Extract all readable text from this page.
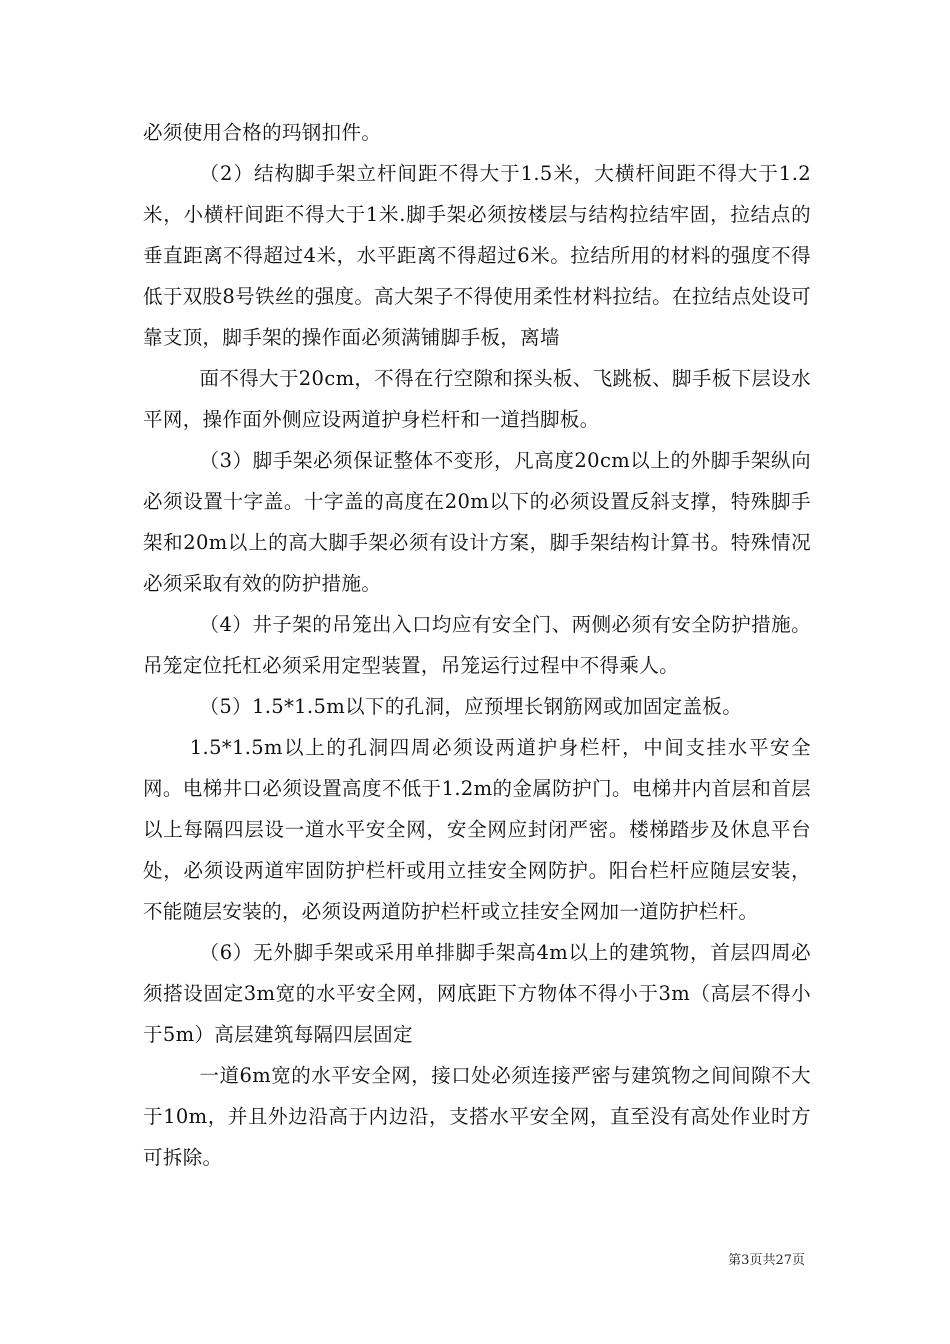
必须使用合格的玛钢扣件。

（2）结构脚手架立杆间距不得大于1.5米，大横杆间距不得大于1.2米，小横杆间距不得大于1米.脚手架必须按楼层与结构拉结牢固，拉结点的垂直距离不得超过4米，水平距离不得超过6米。拉结所用的材料的强度不得低于双股8号铁丝的强度。高大架子不得使用柔性材料拉结。在拉结点处设可靠支顶，脚手架的操作面必须满铺脚手板，离墙

面不得大于20cm，不得在行空隙和探头板、飞跳板、脚手板下层设水平网，操作面外侧应设两道护身栏杆和一道挡脚板。

（3）脚手架必须保证整体不变形，凡高度20cm以上的外脚手架纵向必须设置十字盖。十字盖的高度在20m以下的必须设置反斜支撑，特殊脚手架和20m以上的高大脚手架必须有设计方案，脚手架结构计算书。特殊情况必须采取有效的防护措施。

（4）井子架的吊笼出入口均应有安全门、两侧必须有安全防护措施。吊笼定位托杠必须采用定型装置，吊笼运行过程中不得乘人。

（5）1.5*1.5m以下的孔洞，应预埋长钢筋网或加固定盖板。

1.5*1.5m以上的孔洞四周必须设两道护身栏杆，中间支挂水平安全网。电梯井口必须设置高度不低于1.2m的金属防护门。电梯井内首层和首层以上每隔四层设一道水平安全网，安全网应封闭严密。楼梯踏步及休息平台处，必须设两道牢固防护栏杆或用立挂安全网防护。阳台栏杆应随层安装，不能随层安装的，必须设两道防护栏杆或立挂安全网加一道防护栏杆。

（6）无外脚手架或采用单排脚手架高4m以上的建筑物，首层四周必须搭设固定3m宽的水平安全网，网底距下方物体不得小于3m（高层不得小于5m）高层建筑每隔四层固定

一道6m宽的水平安全网，接口处必须连接严密与建筑物之间间隙不大于10m，并且外边沿高于内边沿，支搭水平安全网，直至没有高处作业时方可拆除。

第3页共27页
